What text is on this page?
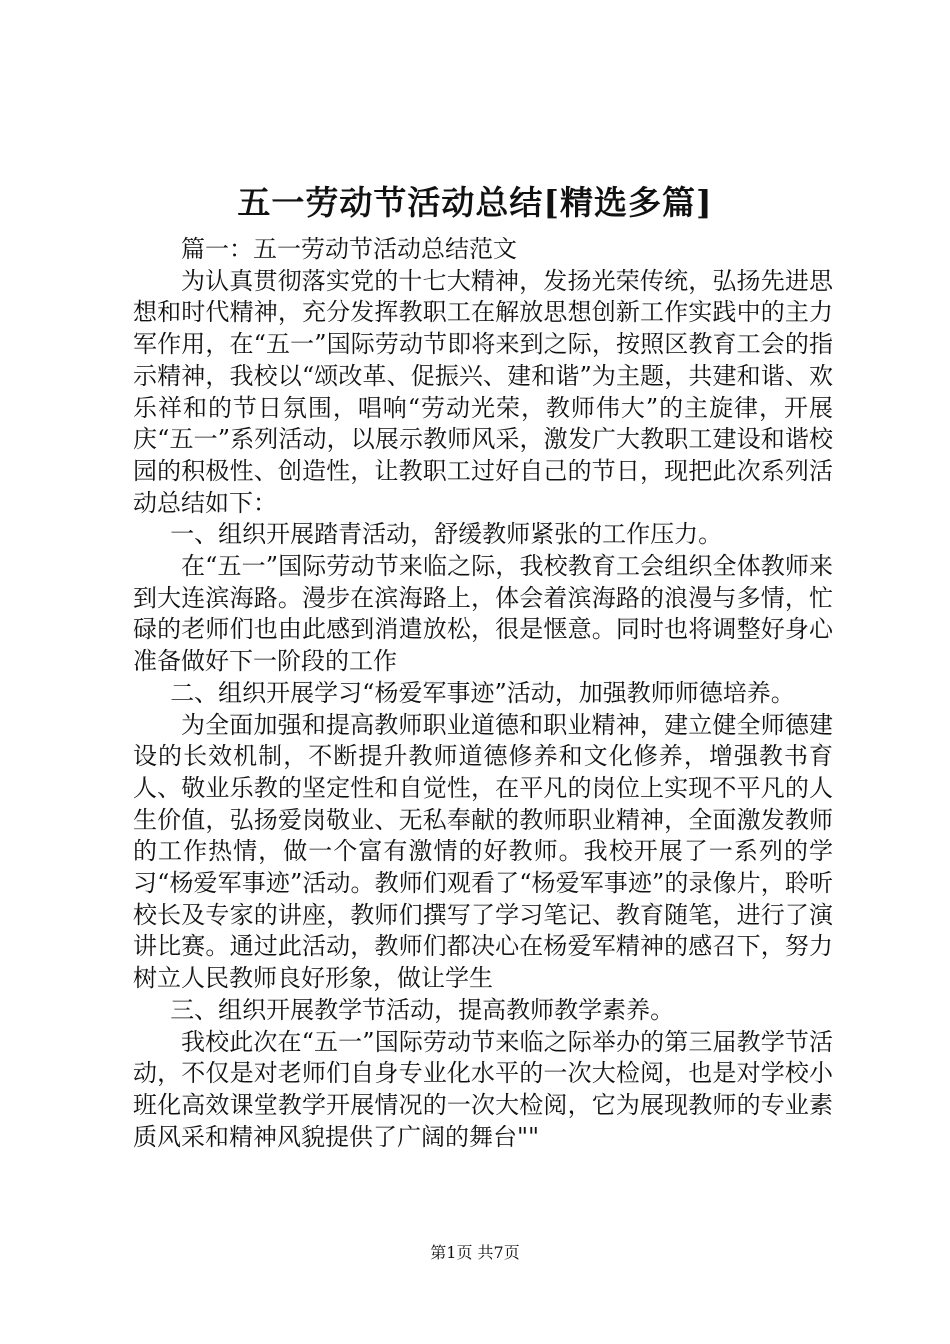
五一劳动节活动总结[精选多篇]

篇一：五一劳动节活动总结范文

为认真贯彻落实党的十七大精神，发扬光荣传统，弘扬先进思想和时代精神，充分发挥教职工在解放思想创新工作实践中的主力军作用，在“五一”国际劳动节即将来到之际，按照区教育工会的指示精神，我校以“颂改革、促振兴、建和谐”为主题，共建和谐、欢乐祥和的节日氛围，唱响“劳动光荣，教师伟大”的主旋律，开展庆“五一”系列活动，以展示教师风采，激发广大教职工建设和谐校园的积极性、创造性，让教职工过好自己的节日，现把此次系列活动总结如下：

一、组织开展踏青活动，舒缓教师紧张的工作压力。

在“五一”国际劳动节来临之际，我校教育工会组织全体教师来到大连滨海路。漫步在滨海路上，体会着滨海路的浪漫与多情，忙碌的老师们也由此感到消遣放松，很是惬意。同时也将调整好身心准备做好下一阶段的工作

二、组织开展学习“杨爱军事迹”活动，加强教师师德培养。

为全面加强和提高教师职业道德和职业精神，建立健全师德建设的长效机制，不断提升教师道德修养和文化修养，增强教书育人、敬业乐教的坚定性和自觉性，在平凡的岗位上实现不平凡的人生价值，弘扬爱岗敬业、无私奉献的教师职业精神，全面激发教师的工作热情，做一个富有激情的好教师。我校开展了一系列的学习“杨爱军事迹”活动。教师们观看了“杨爱军事迹”的录像片，聆听校长及专家的讲座，教师们撰写了学习笔记、教育随笔，进行了演讲比赛。通过此活动，教师们都决心在杨爱军精神的感召下，努力树立人民教师良好形象，做让学生

三、组织开展教学节活动，提高教师教学素养。

我校此次在“五一”国际劳动节来临之际举办的第三届教学节活动，不仅是对老师们自身专业化水平的一次大检阅，也是对学校小班化高效课堂教学开展情况的一次大检阅，它为展现教师的专业素质风采和精神风貌提供了广阔的舞台""

第1页 共7页
